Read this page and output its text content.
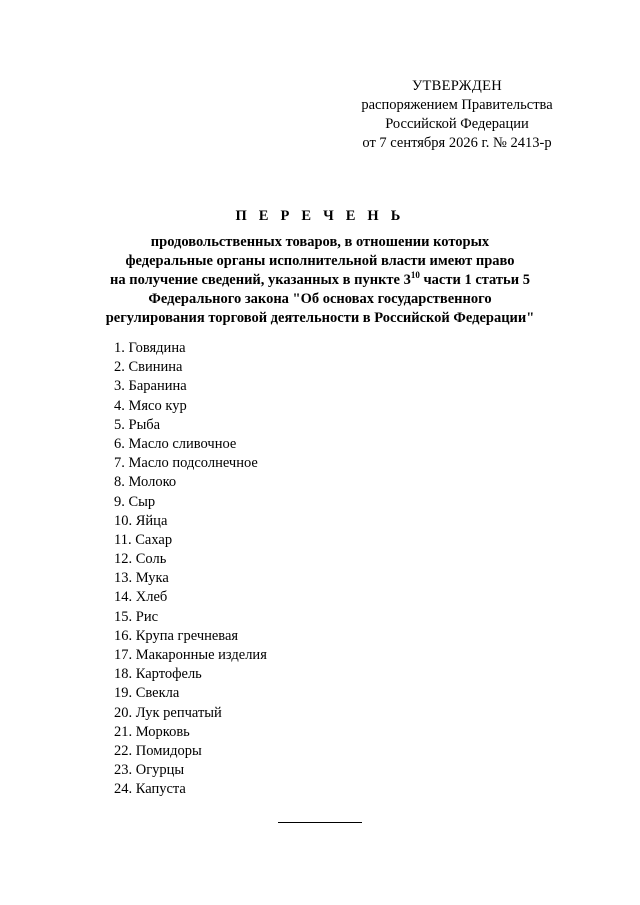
УТВЕРЖДЕН
распоряжением Правительства
Российской Федерации
от 7 сентября 2026 г. № 2413-р
П Е Р Е Ч Е Н Ь
продовольственных товаров, в отношении которых
федеральные органы исполнительной власти имеют право
на получение сведений, указанных в пункте $3^{10}$ части 1 статьи 5
Федерального закона "Об основах государственного
регулирования торговой деятельности в Российской Федерации"
1. Говядина
2. Свинина
3. Баранина
4. Мясо кур
5. Рыба
6. Масло сливочное
7. Масло подсолнечное
8. Молоко
9. Сыр
10. Яйца
11. Сахар
12. Соль
13. Мука
14. Хлеб
15. Рис
16. Крупа гречневая
17. Макаронные изделия
18. Картофель
19. Свекла
20. Лук репчатый
21. Морковь
22. Помидоры
23. Огурцы
24. Капуста
